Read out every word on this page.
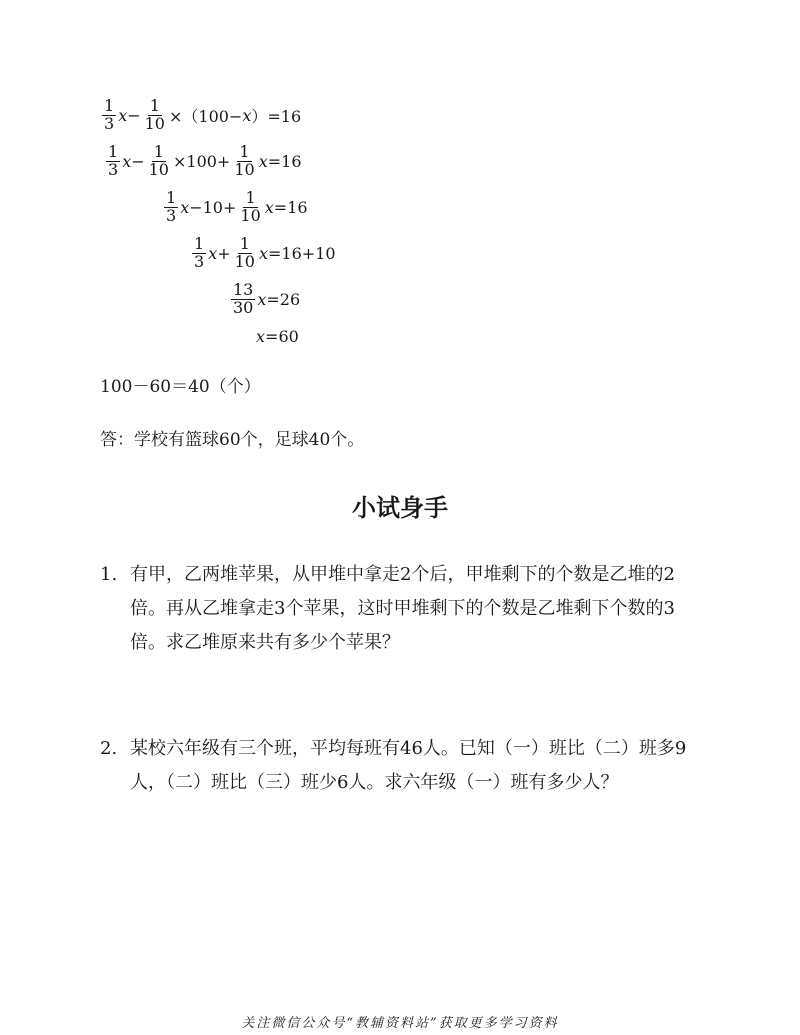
$\frac{1}{3}$ $x - \frac{1}{10} \times(100- x$ ）=16
$\frac{1}{3}$ $x - \frac{1}{10} \times 100+ \frac{1}{10}$ x =16
$\frac{1}{3}$ $x -10+ \frac{1}{10}$ x =16
$\frac{1}{3}$ $x + \frac{1}{10}$ x =16+10
$\frac{13}{30}$ x =26
x =60
100－60＝40（个）
答：学校有篮球60个，足球40个。
小试身手
1. 有甲，乙两堆苹果，从甲堆中拿走2个后，甲堆剩下的个数是乙堆的2倍。再从乙堆拿走3个苹果，这时甲堆剩下的个数是乙堆剩下个数的3倍。求乙堆原来共有多少个苹果？
2. 某校六年级有三个班，平均每班有46人。已知（一）班比（二）班多9人，（二）班比（三）班少6人。求六年级（一）班有多少人？
关注微信公众号“教辅资料站”获取更多学习资料
